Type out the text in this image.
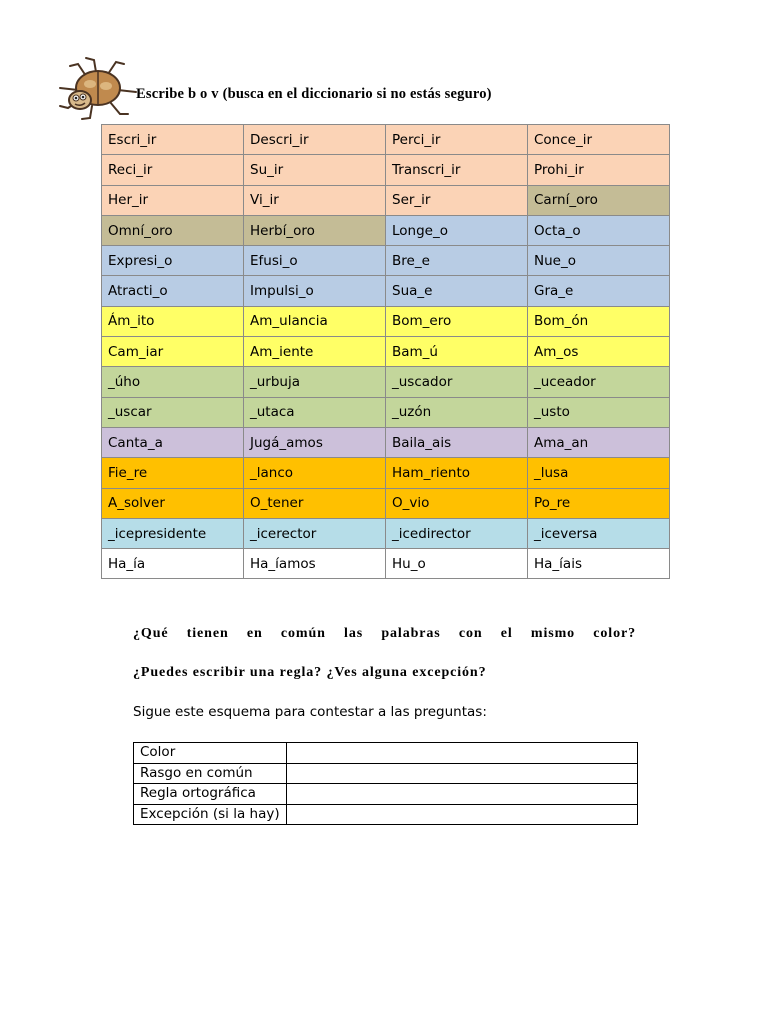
Escribe b o v (busca en el diccionario si no estás seguro)
Escri_ir	Descri_ir	Perci_ir	Conce_ir
Reci_ir	Su_ir	Transcri_ir	Prohi_ir
Her_ir	Vi_ir	Ser_ir	Carní_oro
Omní_oro	Herbí_oro	Longe_o	Octa_o
Expresi_o	Efusi_o	Bre_e	Nue_o
Atracti_o	Impulsi_o	Sua_e	Gra_e
Ám_ito	Am_ulancia	Bom_ero	Bom_ón
Cam_iar	Am_iente	Bam_ú	Am_os
_úho	_urbuja	_uscador	_uceador
_uscar	_utaca	_uzón	_usto
Canta_a	Jugá_amos	Baila_ais	Ama_an
Fie_re	_lanco	Ham_riento	_lusa
A_solver	O_tener	O_vio	Po_re
_icepresidente	_icerector	_icedirector	_iceversa
Ha_ía	Ha_íamos	Hu_o	Ha_íais
¿Qué tienen en común las palabras con el mismo color?
¿Puedes escribir una regla? ¿Ves alguna excepción?
Sigue este esquema para contestar a las preguntas:
Color	
Rasgo en común	
Regla ortográfica	
Excepción (si la hay)	
